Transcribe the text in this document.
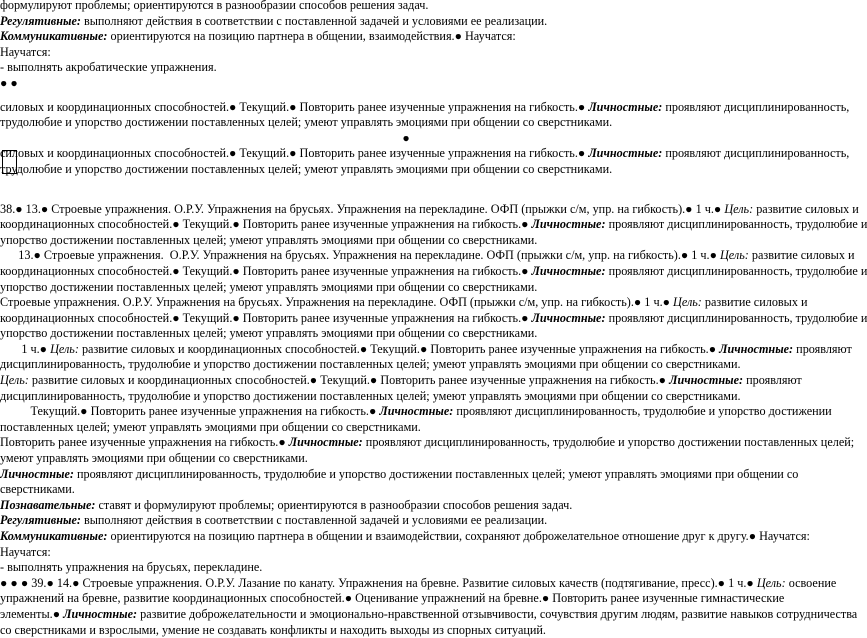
формулируют проблемы; ориентируются в разнообразии способов решения задач.
Регулятивные: выполняют действия в соответствии с поставленной задачей и условиями ее реализации.
Коммуникативные: ориентируются на позицию партнера в общении, взаимодействия.● Научатся:
Научатся:
- выполнять акробатические упражнения.
● ●
силовых и координационных способностей.● Текущий.● Повторить ранее изученные упражнения на гибкость.● Личностные: проявляют дисциплинированность,
трудолюбие и упорство достижении поставленных целей; умеют управлять эмоциями при общении со сверстниками.
●
силовых и координационных способностей.● Текущий.● Повторить ранее изученные упражнения на гибкость.● Личностные: проявляют дисциплинированность,
трудолюбие и упорство достижении поставленных целей; умеют управлять эмоциями при общении со сверстниками.
38.● 13.● Строевые упражнения. О.Р.У. Упражнения на брусьях. Упражнения на перекладине. ОФП (прыжки с/м, упр. на гибкость).● 1 ч.● Цель: развитие силовых и
координационных способностей.● Текущий.● Повторить ранее изученные упражнения на гибкость.● Личностные: проявляют дисциплинированность, трудолюбие и
упорство достижении поставленных целей; умеют управлять эмоциями при общении со сверстниками.
13.● Строевые упражнения.  О.Р.У. Упражнения на брусьях. Упражнения на перекладине. ОФП (прыжки с/м, упр. на гибкость).● 1 ч.● Цель: развитие силовых и
координационных способностей.● Текущий.● Повторить ранее изученные упражнения на гибкость.● Личностные: проявляют дисциплинированность, трудолюбие и
упорство достижении поставленных целей; умеют управлять эмоциями при общении со сверстниками.
Строевые упражнения. О.Р.У. Упражнения на брусьях. Упражнения на перекладине. ОФП (прыжки с/м, упр. на гибкость).● 1 ч.● Цель: развитие силовых и
координационных способностей.● Текущий.● Повторить ранее изученные упражнения на гибкость.● Личностные: проявляют дисциплинированность, трудолюбие и
упорство достижении поставленных целей; умеют управлять эмоциями при общении со сверстниками.
1 ч.● Цель: развитие силовых и координационных способностей.● Текущий.● Повторить ранее изученные упражнения на гибкость.● Личностные: проявляют
дисциплинированность, трудолюбие и упорство достижении поставленных целей; умеют управлять эмоциями при общении со сверстниками.
Цель: развитие силовых и координационных способностей.● Текущий.● Повторить ранее изученные упражнения на гибкость.● Личностные: проявляют
дисциплинированность, трудолюбие и упорство достижении поставленных целей; умеют управлять эмоциями при общении со сверстниками.
Текущий.● Повторить ранее изученные упражнения на гибкость.● Личностные: проявляют дисциплинированность, трудолюбие и упорство достижении
поставленных целей; умеют управлять эмоциями при общении со сверстниками.
Повторить ранее изученные упражнения на гибкость.● Личностные: проявляют дисциплинированность, трудолюбие и упорство достижении поставленных целей;
умеют управлять эмоциями при общении со сверстниками.
Личностные: проявляют дисциплинированность, трудолюбие и упорство достижении поставленных целей; умеют управлять эмоциями при общении со
сверстниками.
Познавательные: ставят и формулируют проблемы; ориентируются в разнообразии способов решения задач.
Регулятивные: выполняют действия в соответствии с поставленной задачей и условиями ее реализации.
Коммуникативные: ориентируются на позицию партнера в общении и взаимодействии, сохраняют доброжелательное отношение друг к другу.● Научатся:
Научатся:
- выполнять упражнения на брусьях, перекладине.
● ● ● 39.● 14.● Строевые упражнения. О.Р.У. Лазание по канату. Упражнения на бревне. Развитие силовых качеств (подтягивание, пресс).● 1 ч.● Цель: освоение
упражнений на бревне, развитие координационных способностей.● Оценивание упражнений на бревне.● Повторить ранее изученные гимнастические
элементы.● Личностные: развитие доброжелательности и эмоционально-нравственной отзывчивости, сочувствия другим людям, развитие навыков сотрудничества
со сверстниками и взрослыми, умение не создавать конфликты и находить выходы из спорных ситуаций.
